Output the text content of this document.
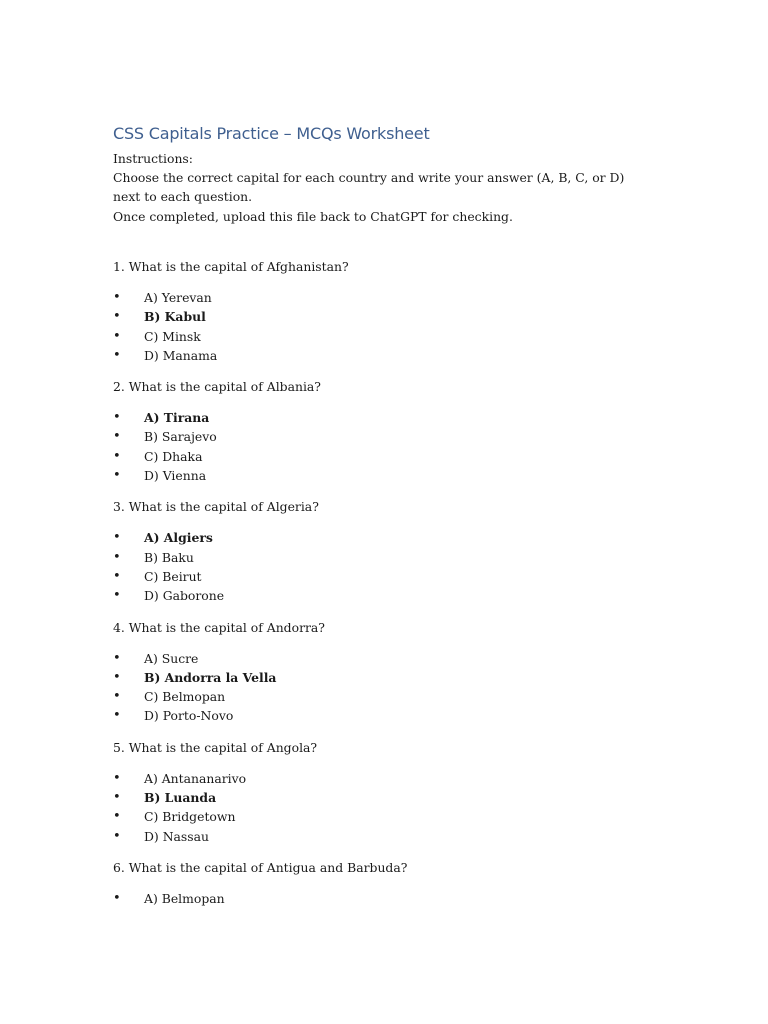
CSS Capitals Practice – MCQs Worksheet

Instructions:

Choose the correct capital for each country and write your answer (A, B, C, or D) next to each question.

Once completed, upload this file back to ChatGPT for checking.

1. What is the capital of Afghanistan?

• A) Yerevan
• B) Kabul
• C) Minsk
• D) Manama

2. What is the capital of Albania?

• A) Tirana
• B) Sarajevo
• C) Dhaka
• D) Vienna

3. What is the capital of Algeria?

• A) Algiers
• B) Baku
• C) Beirut
• D) Gaborone

4. What is the capital of Andorra?

• A) Sucre
• B) Andorra la Vella
• C) Belmopan
• D) Porto-Novo

5. What is the capital of Angola?

• A) Antananarivo
• B) Luanda
• C) Bridgetown
• D) Nassau

6. What is the capital of Antigua and Barbuda?

• A) Belmopan
